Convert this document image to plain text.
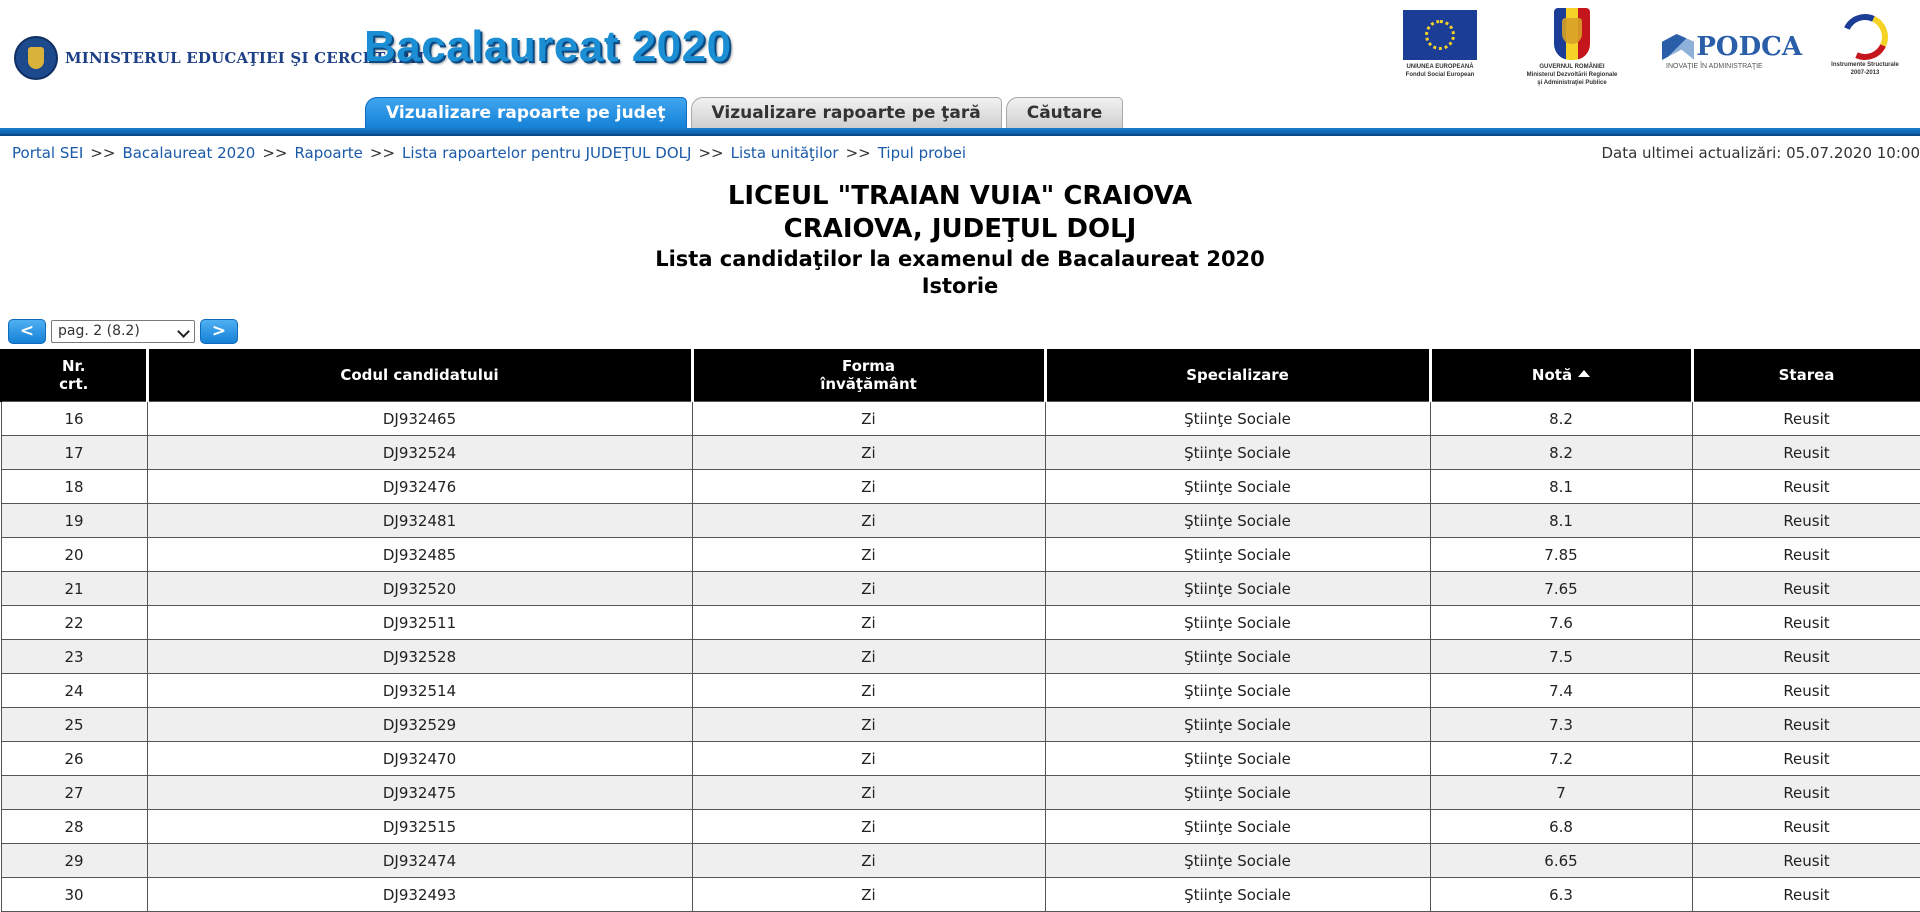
MINISTERUL EDUCAŢIEI ŞI CERCETĂRII
Bacalaureat 2020	UNIUNEA EUROPEANĂ
Fondul Social European
GUVERNUL ROMÂNIEI
Ministerul Dezvoltării Regionale
şi Administraţiei Publice
PODCA
INOVAŢIE ÎN ADMINISTRAŢIE	Instrumente Structurale
2007-2013
Vizualizare rapoarte pe judeţ	Vizualizare rapoarte pe ţară	Căutare
Portal SEI >> Bacalaureat 2020 >> Rapoarte >> Lista rapoartelor pentru JUDEŢUL DOLJ >> Lista unităţilor >> Tipul probei	Data ultimei actualizări: 05.07.2020 10:00
LICEUL "TRAIAN VUIA" CRAIOVA
CRAIOVA, JUDEŢUL DOLJ
Lista candidaţilor la examenul de Bacalaureat 2020
Istorie
<	pag. 2 (8.2)	>
Nr.
crt.	Codul candidatului	Forma
învăţământ	Specializare	Notă	Starea
16	DJ932465	Zi	Ştiinţe Sociale	8.2	Reusit
17	DJ932524	Zi	Ştiinţe Sociale	8.2	Reusit
18	DJ932476	Zi	Ştiinţe Sociale	8.1	Reusit
19	DJ932481	Zi	Ştiinţe Sociale	8.1	Reusit
20	DJ932485	Zi	Ştiinţe Sociale	7.85	Reusit
21	DJ932520	Zi	Ştiinţe Sociale	7.65	Reusit
22	DJ932511	Zi	Ştiinţe Sociale	7.6	Reusit
23	DJ932528	Zi	Ştiinţe Sociale	7.5	Reusit
24	DJ932514	Zi	Ştiinţe Sociale	7.4	Reusit
25	DJ932529	Zi	Ştiinţe Sociale	7.3	Reusit
26	DJ932470	Zi	Ştiinţe Sociale	7.2	Reusit
27	DJ932475	Zi	Ştiinţe Sociale	7	Reusit
28	DJ932515	Zi	Ştiinţe Sociale	6.8	Reusit
29	DJ932474	Zi	Ştiinţe Sociale	6.65	Reusit
30	DJ932493	Zi	Ştiinţe Sociale	6.3	Reusit
